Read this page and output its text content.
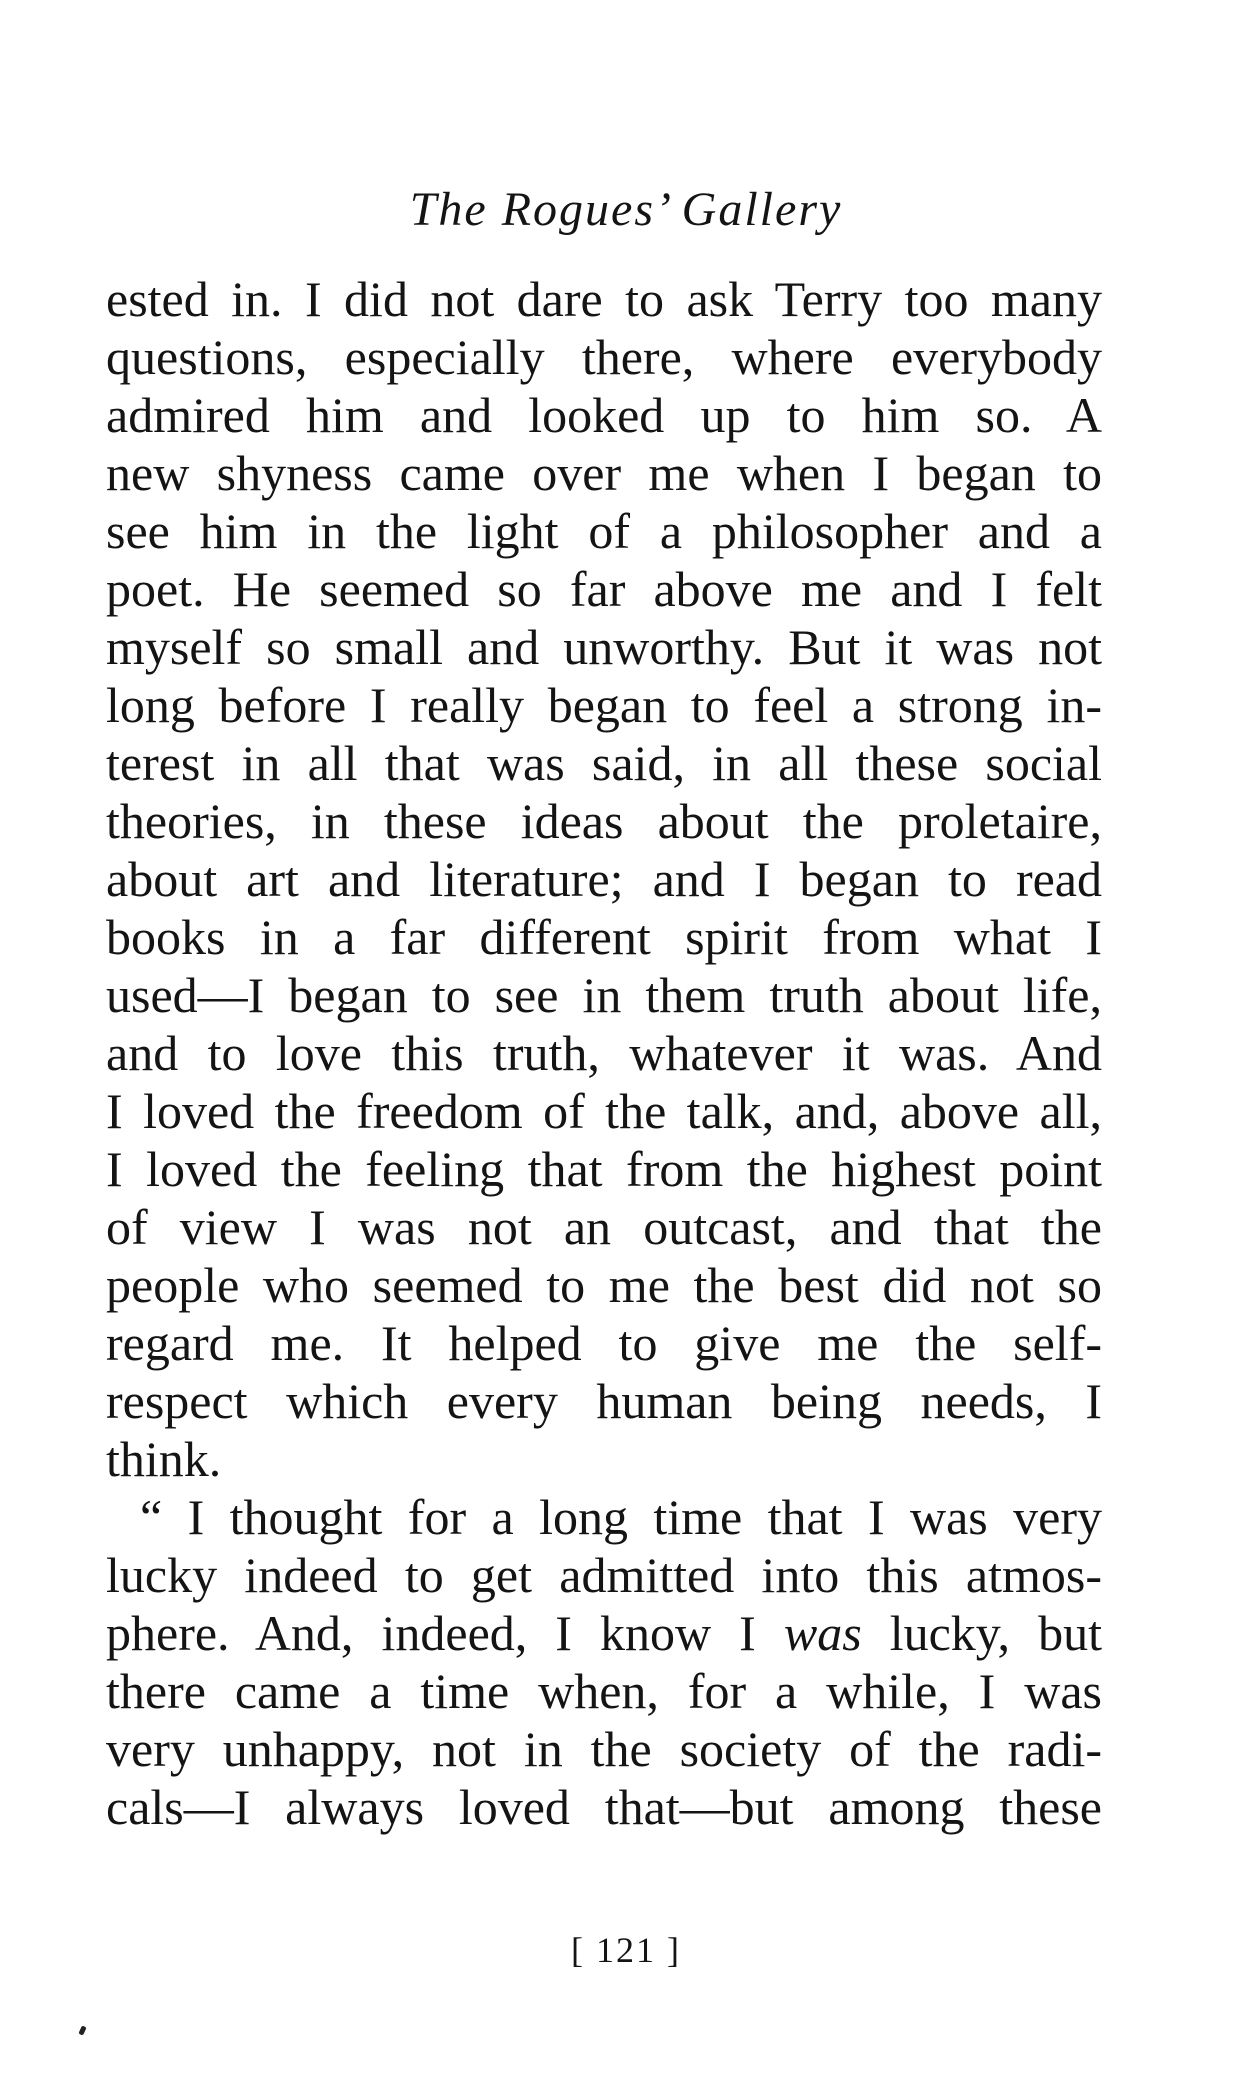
The Rogues’ Gallery
ested in. I did not dare to ask Terry too many
questions, especially there, where everybody
admired him and looked up to him so. A
new shyness came over me when I began to
see him in the light of a philosopher and a
poet. He seemed so far above me and I felt
myself so small and unworthy. But it was not
long before I really began to feel a strong in-
terest in all that was said, in all these social
theories, in these ideas about the proletaire,
about art and literature; and I began to read
books in a far different spirit from what I
used—I began to see in them truth about life,
and to love this truth, whatever it was. And
I loved the freedom of the talk, and, above all,
I loved the feeling that from the highest point
of view I was not an outcast, and that the
people who seemed to me the best did not so
regard me. It helped to give me the self-
respect which every human being needs, I
think.
“ I thought for a long time that I was very
lucky indeed to get admitted into this atmos-
phere. And, indeed, I know I was lucky, but
there came a time when, for a while, I was
very unhappy, not in the society of the radi-
cals—I always loved that—but among these
[ 121 ]
